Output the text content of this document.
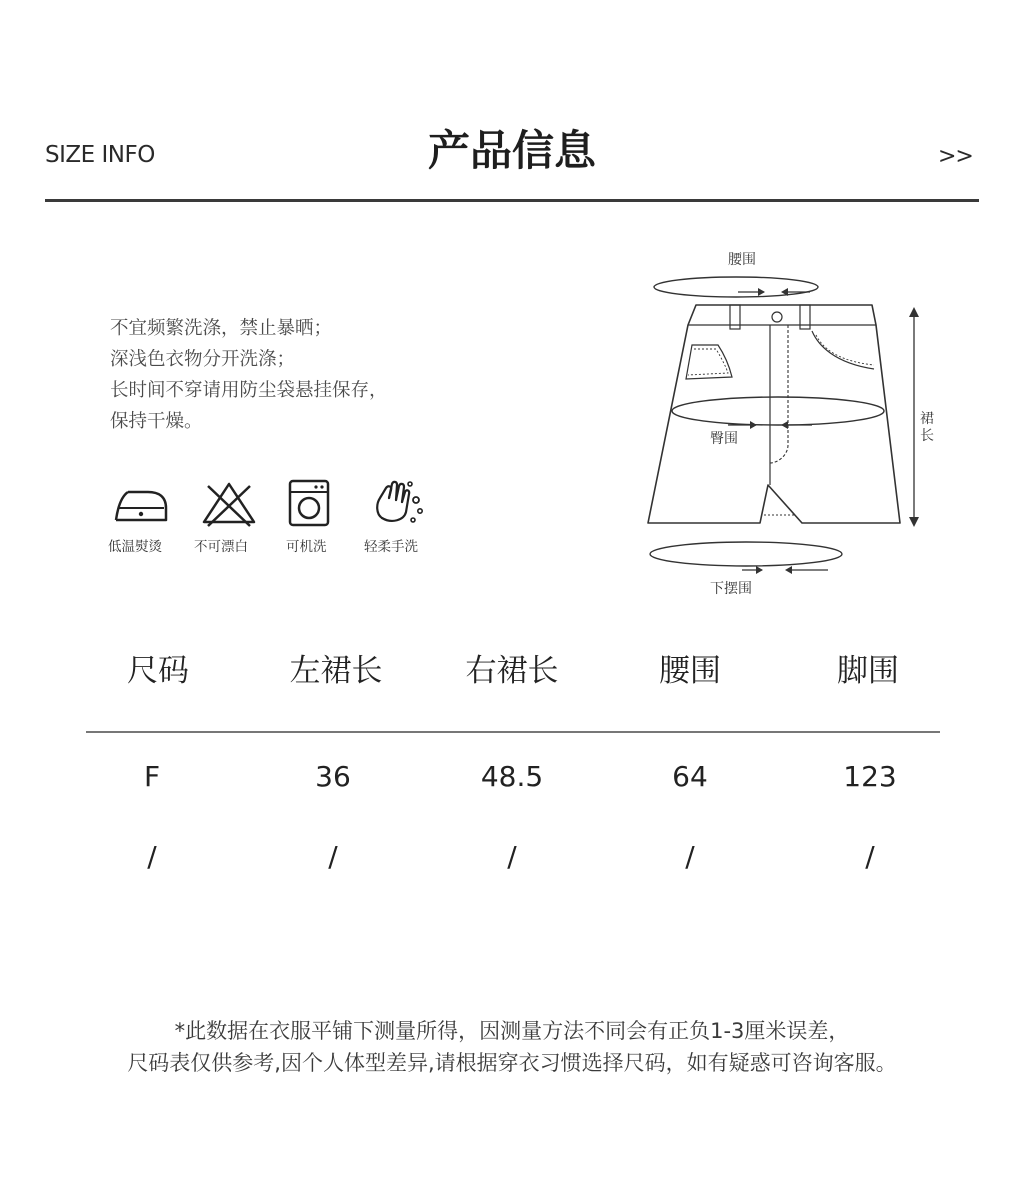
SIZE INFO	产品信息	>>
不宜频繁洗涤，禁止暴晒；
深浅色衣物分开洗涤；
长时间不穿请用防尘袋悬挂保存，
保持干燥。
低温熨烫 不可漂白	可机洗	轻柔手洗
腰围
臀围
裙
长
下摆围
尺码	左裙长	右裙长	腰围	脚围
F	36	48.5	64	123
/	/	/	/	/
*此数据在衣服平铺下测量所得，因测量方法不同会有正负1-3厘米误差，
尺码表仅供参考,因个人体型差异,请根据穿衣习惯选择尺码，如有疑惑可咨询客服。
